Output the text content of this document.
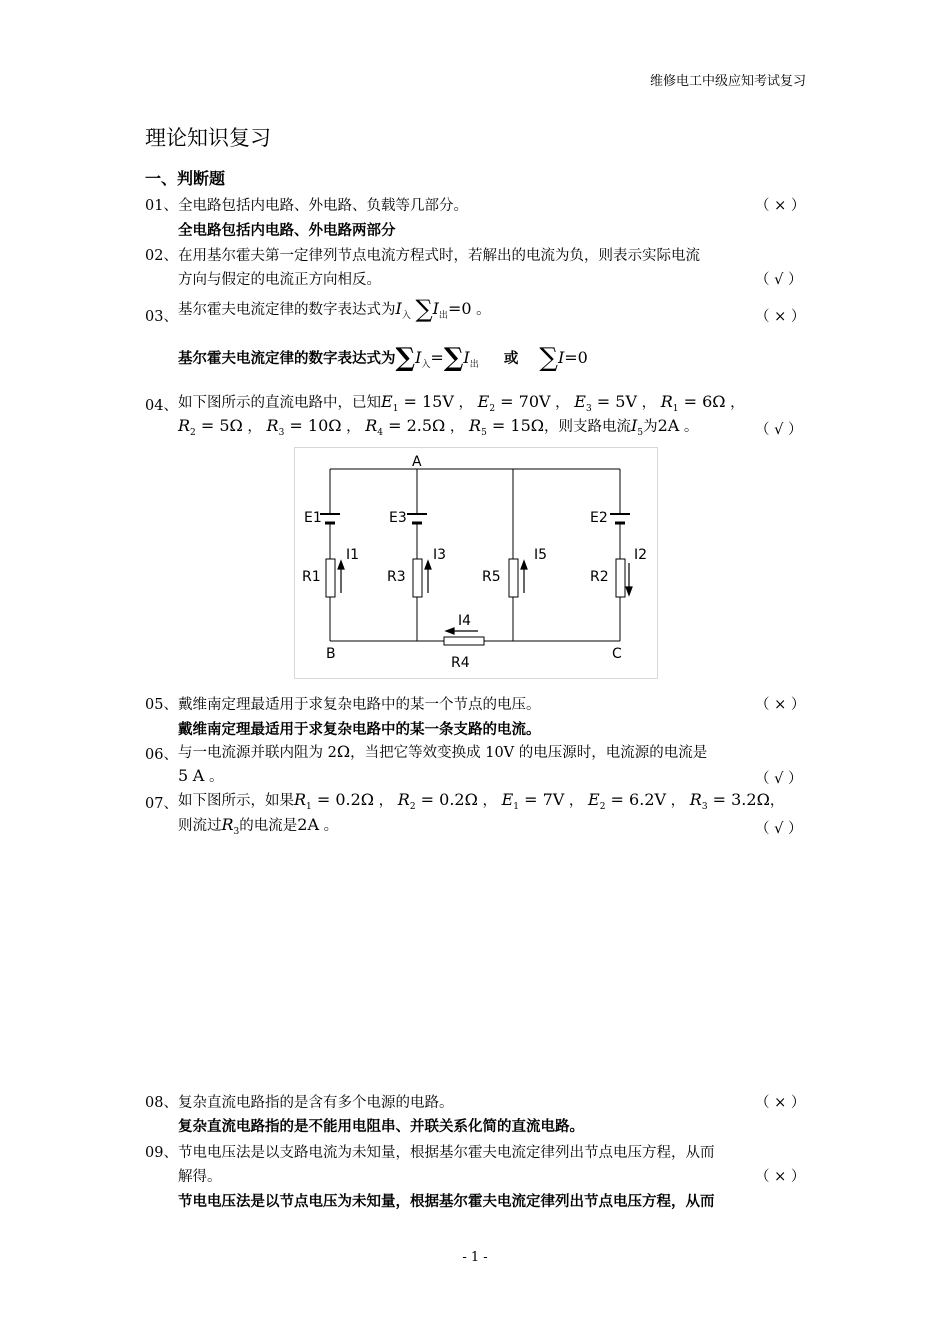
维修电工中级应知考试复习
理论知识复习
一、判断题
01、 全电路包括内电路、外电路、负载等几部分。	（ × ）
全电路包括内电路、外电路两部分
02、 在用基尔霍夫第一定律列节点电流方程式时，若解出的电流为负，则表示实际电流
方向与假定的电流正方向相反。	（ √ ）
03、 基尔霍夫电流定律的数字表达式为$I_入$ $\sum I_出=0$ 。	（ × ）
基尔霍夫电流定律的数字表达式为$\sum I_入=\sum I_出$ 或 ∑I=0
04、 如下图所示的直流电路中，已知$E_1 = 15V$ ， $E_2 = 70V$ ， $E_3 = 5V$ ， $R_1 = 6\Omega$ ，
$R_2 = 5\Omega$ ， $R_3 = 10\Omega$ ， $R_4 = 2.5\Omega$ ， $R_5 = 15\Omega$，则支路电流$I_5$为2A 。	（ √ ）
A
B	C
E1	E3	E2
R1	R3	R5	R2
R4
I1	I3	I5	I2
I4
05、 戴维南定理最适用于求复杂电路中的某一个节点的电压。	（ × ）
戴维南定理最适用于求复杂电路中的某一条支路的电流。
06、 与一电流源并联内阻为 2Ω，当把它等效变换成 10V 的电压源时，电流源的电流是
5 A 。	（ √ ）
07、 如下图所示，如果$R_1 = 0.2\Omega$ ， $R_2 = 0.2\Omega$ ， $E_1 = 7V$ ， $E_2 = 6.2V$ ， $R_3 = 3.2\Omega$，
则流过$R_3$的电流是2A 。	（ √ ）
08、 复杂直流电路指的是含有多个电源的电路。	（ × ）
复杂直流电路指的是不能用电阻串、并联关系化简的直流电路。
09、 节电电压法是以支路电流为未知量，根据基尔霍夫电流定律列出节点电压方程，从而
解得。	（ × ）
节电电压法是以节点电压为未知量，根据基尔霍夫电流定律列出节点电压方程，从而
- 1 -
